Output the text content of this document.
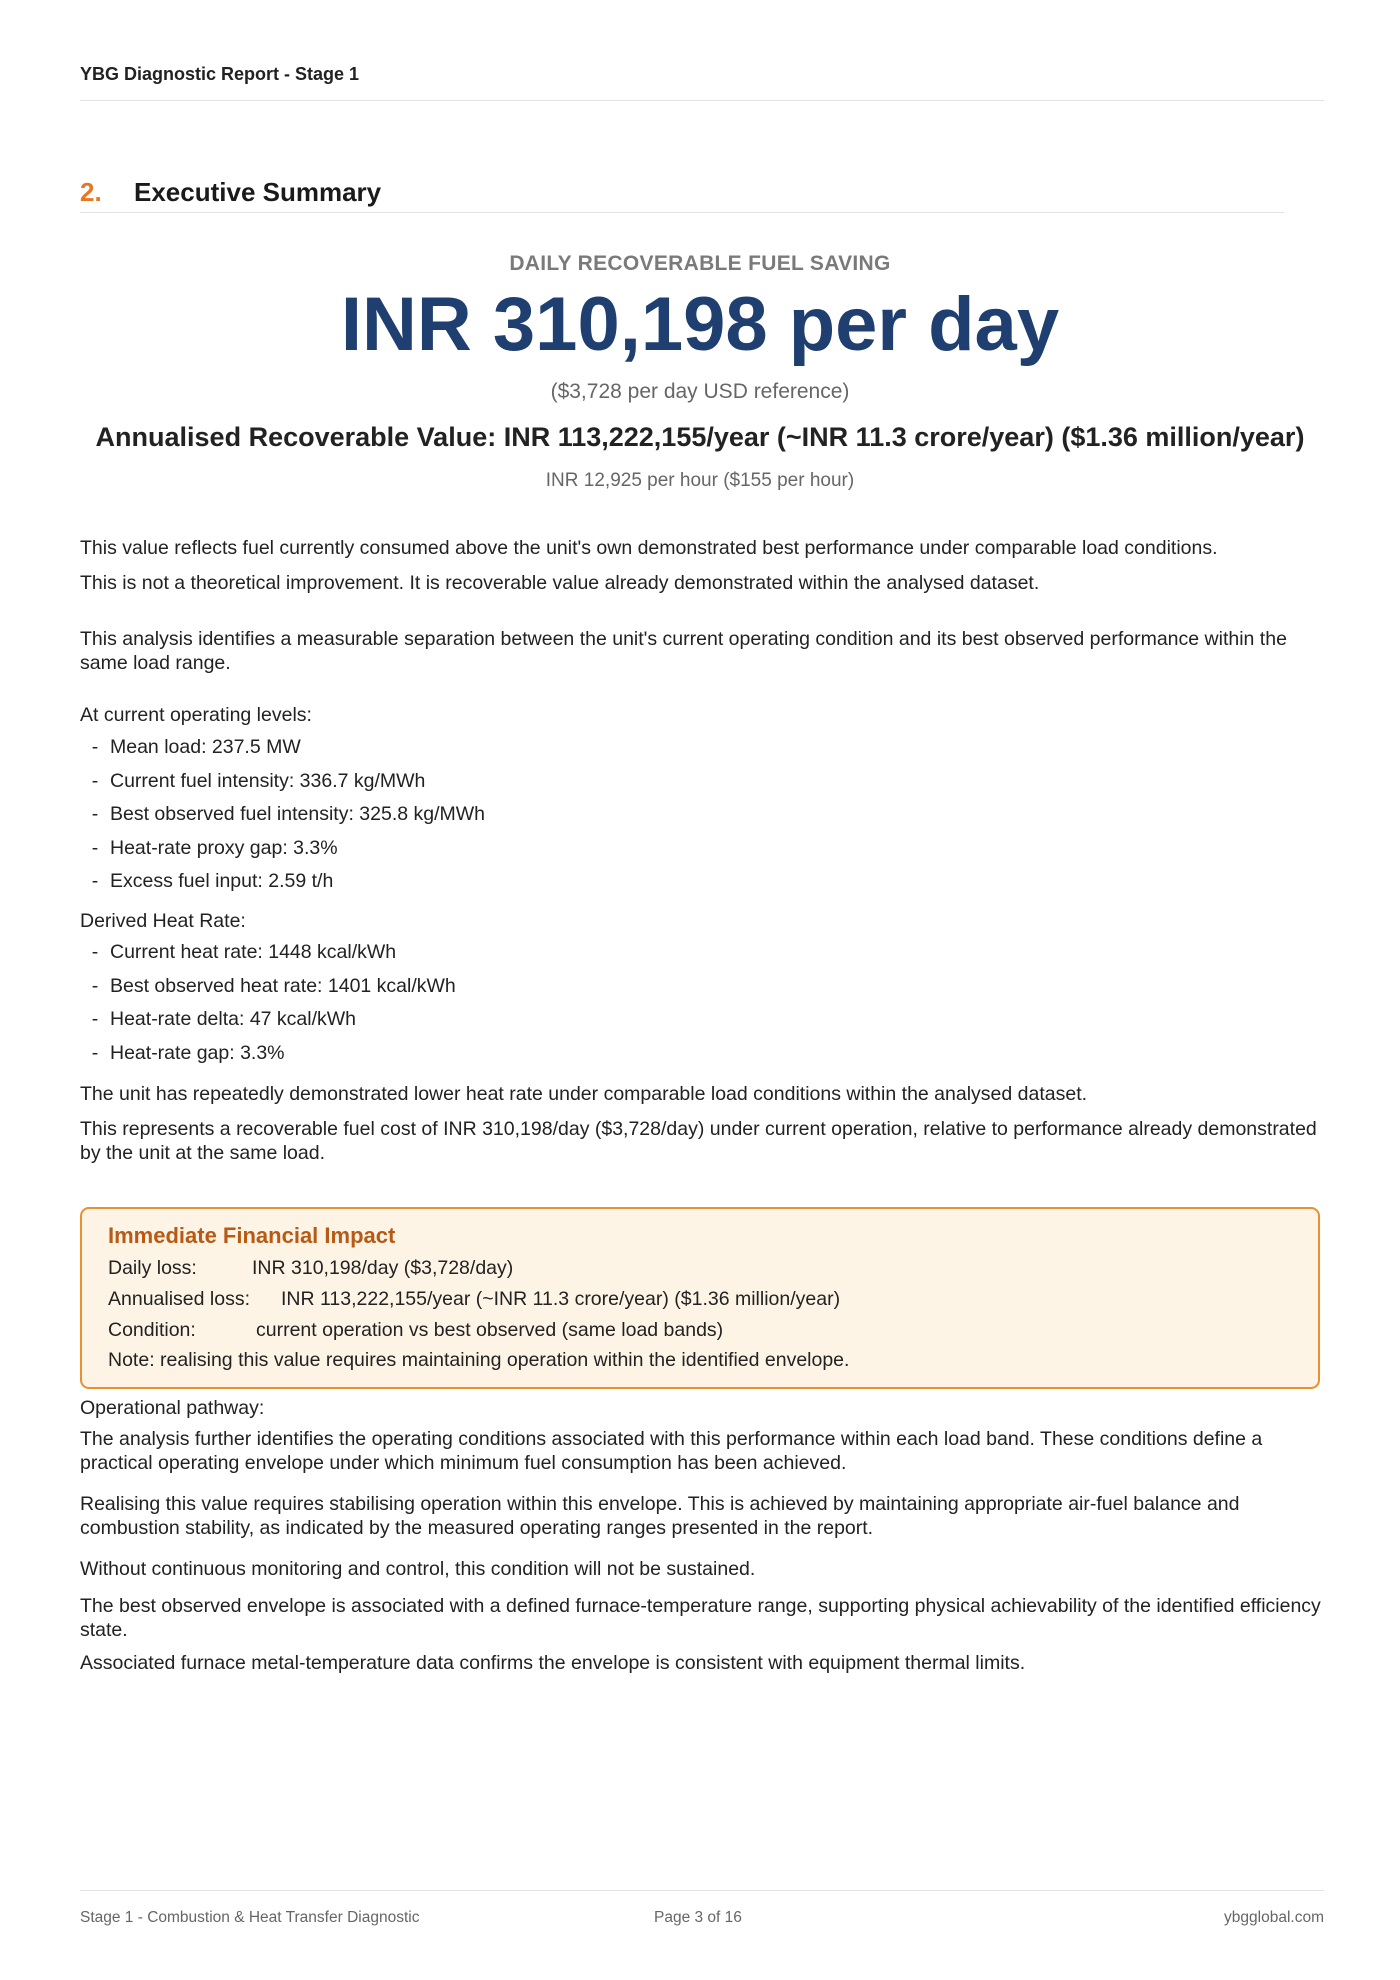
YBG Diagnostic Report - Stage 1
2. Executive Summary
DAILY RECOVERABLE FUEL SAVING
INR 310,198 per day
($3,728 per day USD reference)
Annualised Recoverable Value: INR 113,222,155/year (~INR 11.3 crore/year) ($1.36 million/year)
INR 12,925 per hour ($155 per hour)

This value reflects fuel currently consumed above the unit's own demonstrated best performance under comparable load conditions.

This is not a theoretical improvement. It is recoverable value already demonstrated within the analysed dataset.

This analysis identifies a measurable separation between the unit's current operating condition and its best observed performance within the same load range.

At current operating levels:

- Mean load: 237.5 MW
- Current fuel intensity: 336.7 kg/MWh
- Best observed fuel intensity: 325.8 kg/MWh
- Heat-rate proxy gap: 3.3%
- Excess fuel input: 2.59 t/h

Derived Heat Rate:

- Current heat rate: 1448 kcal/kWh
- Best observed heat rate: 1401 kcal/kWh
- Heat-rate delta: 47 kcal/kWh
- Heat-rate gap: 3.3%

The unit has repeatedly demonstrated lower heat rate under comparable load conditions within the analysed dataset.

This represents a recoverable fuel cost of INR 310,198/day ($3,728/day) under current operation, relative to performance already demonstrated by the unit at the same load.

Immediate Financial Impact
Daily loss:	INR 310,198/day ($3,728/day)
Annualised loss: INR 113,222,155/year (~INR 11.3 crore/year) ($1.36 million/year)
Condition:	current operation vs best observed (same load bands)
Note: realising this value requires maintaining operation within the identified envelope.

Operational pathway:

The analysis further identifies the operating conditions associated with this performance within each load band. These conditions define a practical operating envelope under which minimum fuel consumption has been achieved.

Realising this value requires stabilising operation within this envelope. This is achieved by maintaining appropriate air-fuel balance and combustion stability, as indicated by the measured operating ranges presented in the report.

Without continuous monitoring and control, this condition will not be sustained.

The best observed envelope is associated with a defined furnace-temperature range, supporting physical achievability of the identified efficiency state.

Associated furnace metal-temperature data confirms the envelope is consistent with equipment thermal limits.

Stage 1 - Combustion & Heat Transfer Diagnostic	Page 3 of 16	ybgglobal.com
